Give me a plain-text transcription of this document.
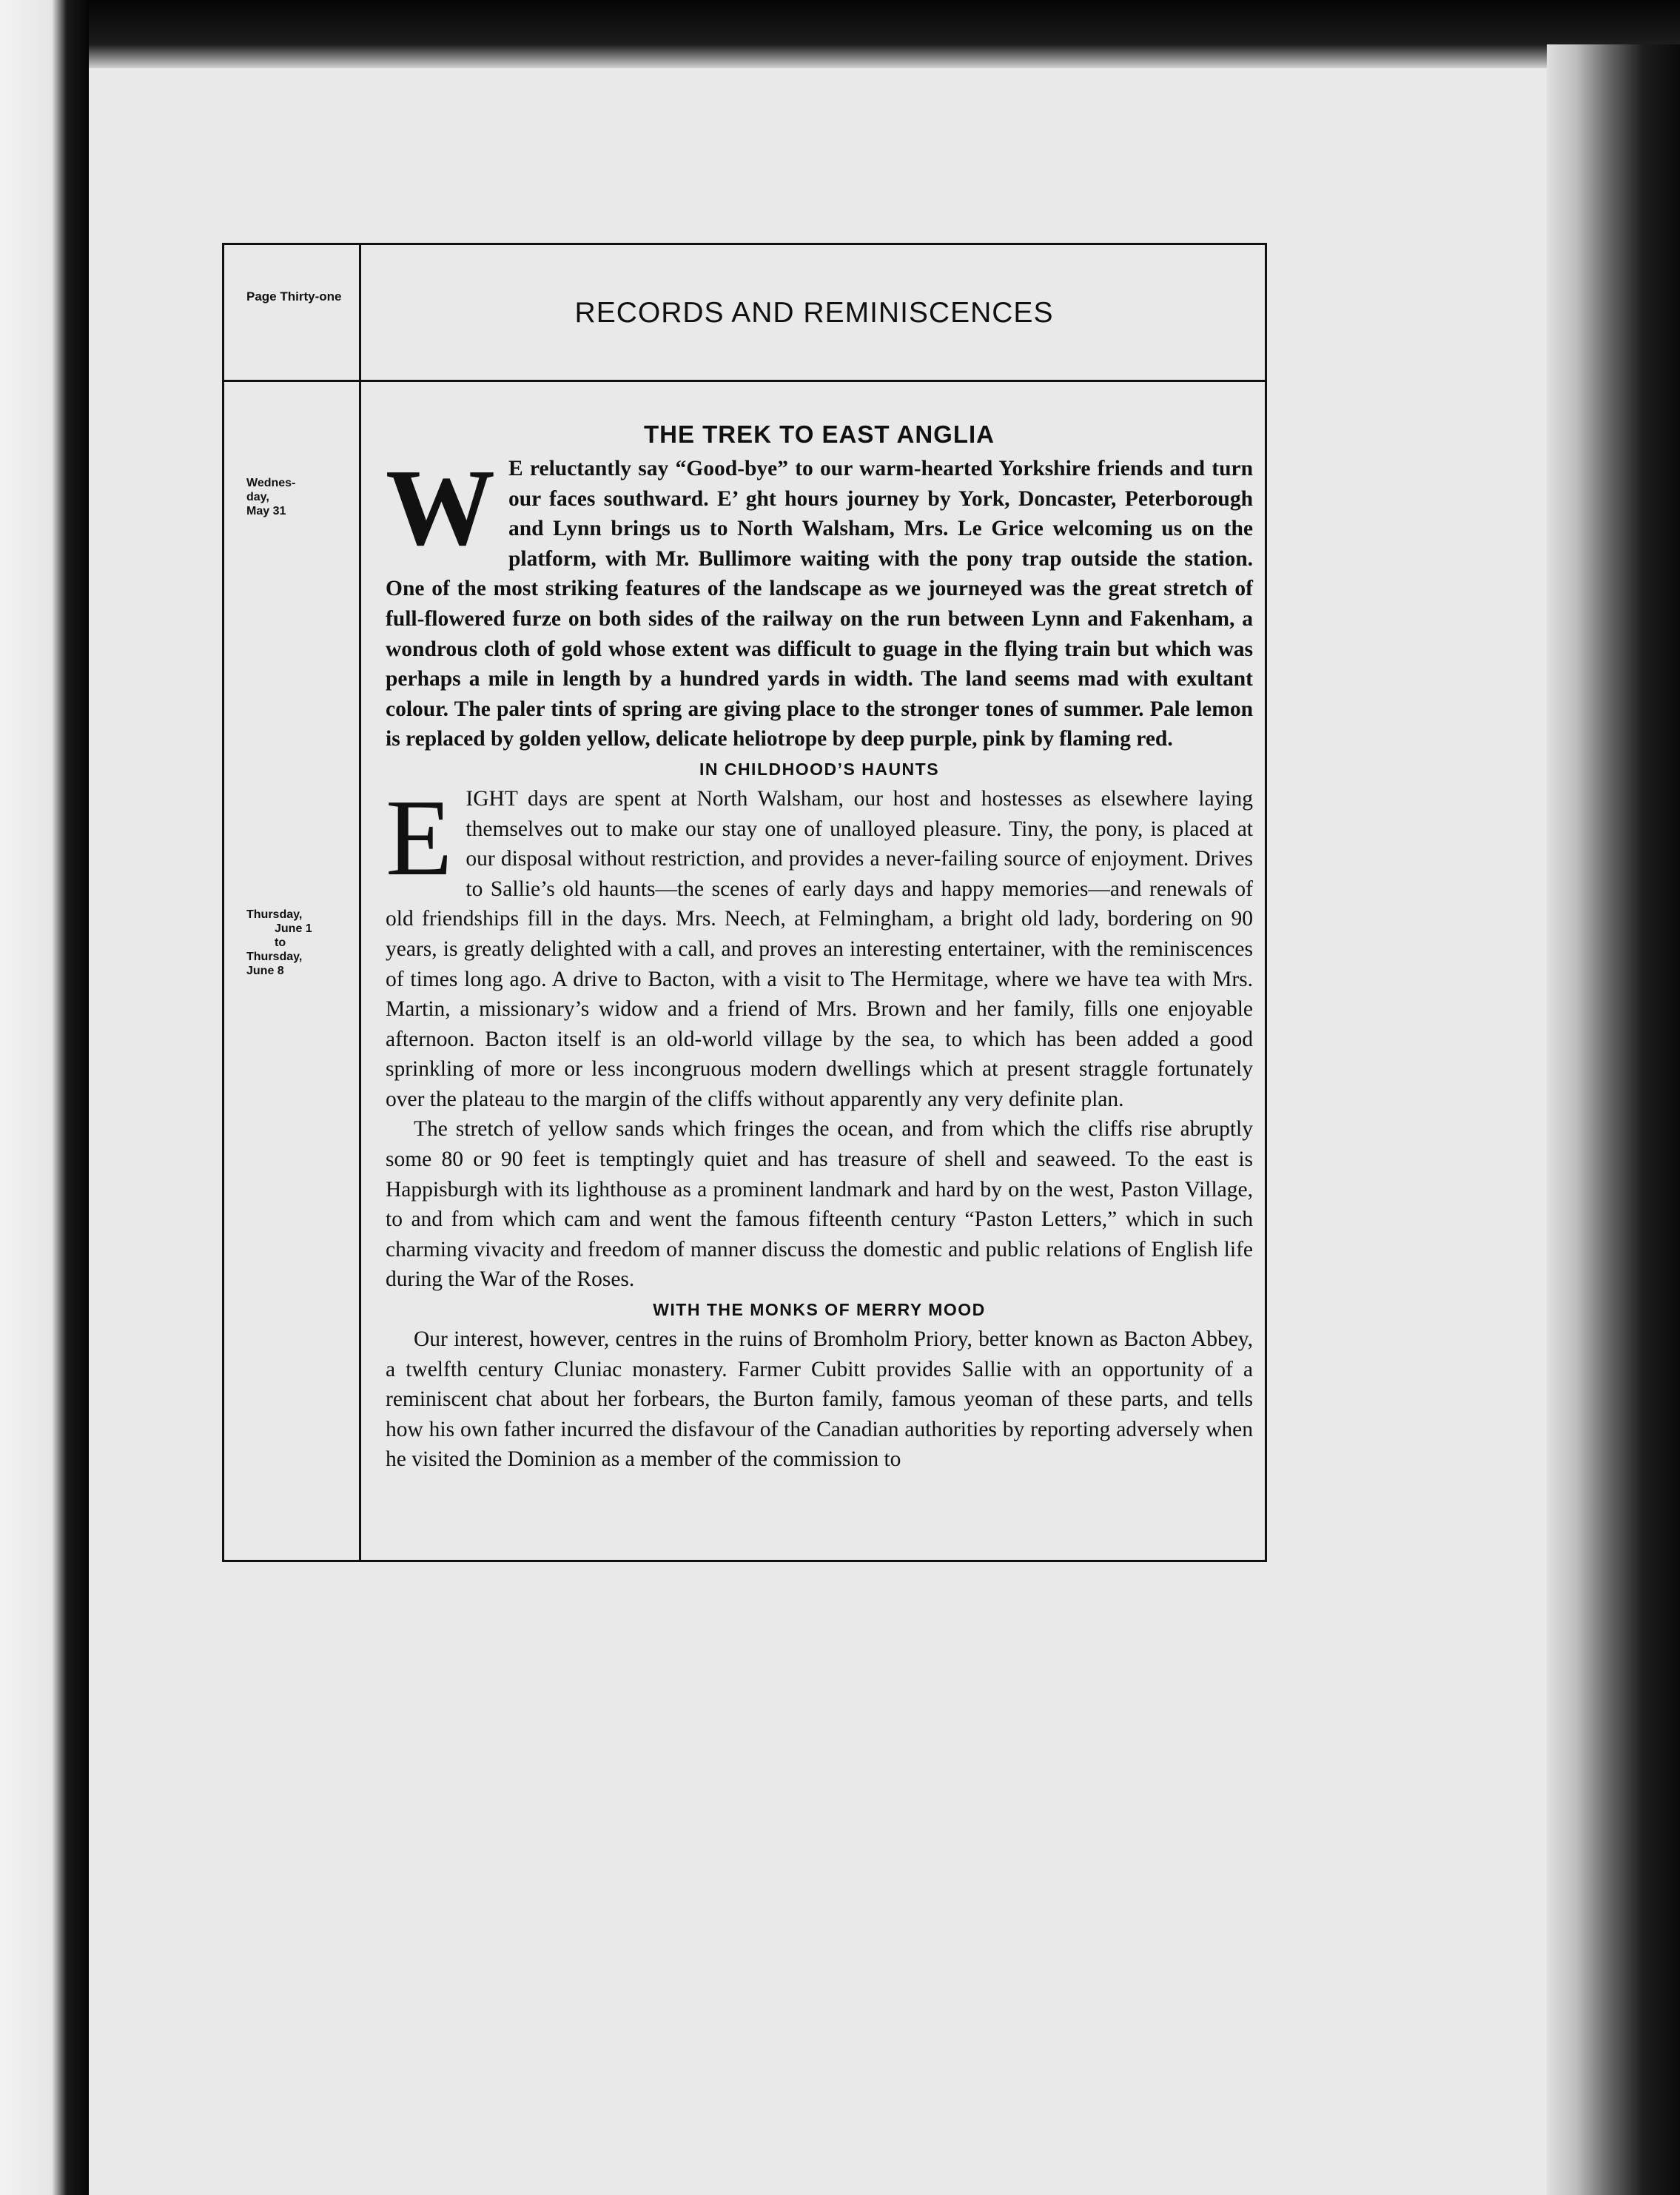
Page Thirty-one
RECORDS AND REMINISCENCES
Wednes-
day,
May 31
Thursday,
June 1
to
Thursday,
June 8
THE TREK TO EAST ANGLIA

W E reluctantly say “Good-bye” to our warm-hearted Yorkshire friends and turn our faces southward. E’ ght hours journey by York, Doncaster, Peterborough and Lynn brings us to North Walsham, Mrs. Le Grice welcoming us on the platform, with Mr. Bullimore waiting with the pony trap outside the station. One of the most striking features of the landscape as we journeyed was the great stretch of full-flowered furze on both sides of the railway on the run between Lynn and Fakenham, a wondrous cloth of gold whose extent was difficult to guage in the flying train but which was perhaps a mile in length by a hundred yards in width. The land seems mad with exultant colour. The paler tints of spring are giving place to the stronger tones of summer. Pale lemon is replaced by golden yellow, delicate heliotrope by deep purple, pink by flaming red.

IN CHILDHOOD’S HAUNTS

EIGHT days are spent at North Walsham, our host and hostesses as elsewhere laying themselves out to make our stay one of unalloyed pleasure. Tiny, the pony, is placed at our disposal without restriction, and provides a never-failing source of enjoyment. Drives to Sallie’s old haunts—the scenes of early days and happy memories—and renewals of old friendships fill in the days. Mrs. Neech, at Felmingham, a bright old lady, bordering on 90 years, is greatly delighted with a call, and proves an interesting entertainer, with the reminiscences of times long ago. A drive to Bacton, with a visit to The Hermitage, where we have tea with Mrs. Martin, a missionary’s widow and a friend of Mrs. Brown and her family, fills one enjoyable afternoon. Bacton itself is an old-world village by the sea, to which has been added a good sprinkling of more or less incongruous modern dwellings which at present straggle fortunately over the plateau to the margin of the cliffs without apparently any very definite plan.

The stretch of yellow sands which fringes the ocean, and from which the cliffs rise abruptly some 80 or 90 feet is temptingly quiet and has treasure of shell and seaweed. To the east is Happisburgh with its lighthouse as a prominent landmark and hard by on the west, Paston Village, to and from which cam and went the famous fifteenth century “Paston Letters,” which in such charming vivacity and freedom of manner discuss the domestic and public relations of English life during the War of the Roses.

WITH THE MONKS OF MERRY MOOD

Our interest, however, centres in the ruins of Bromholm Priory, better known as Bacton Abbey, a twelfth century Cluniac monastery. Farmer Cubitt provides Sallie with an opportunity of a reminiscent chat about her forbears, the Burton family, famous yeoman of these parts, and tells how his own father incurred the disfavour of the Canadian authorities by reporting adversely when he visited the Dominion as a member of the commission to
